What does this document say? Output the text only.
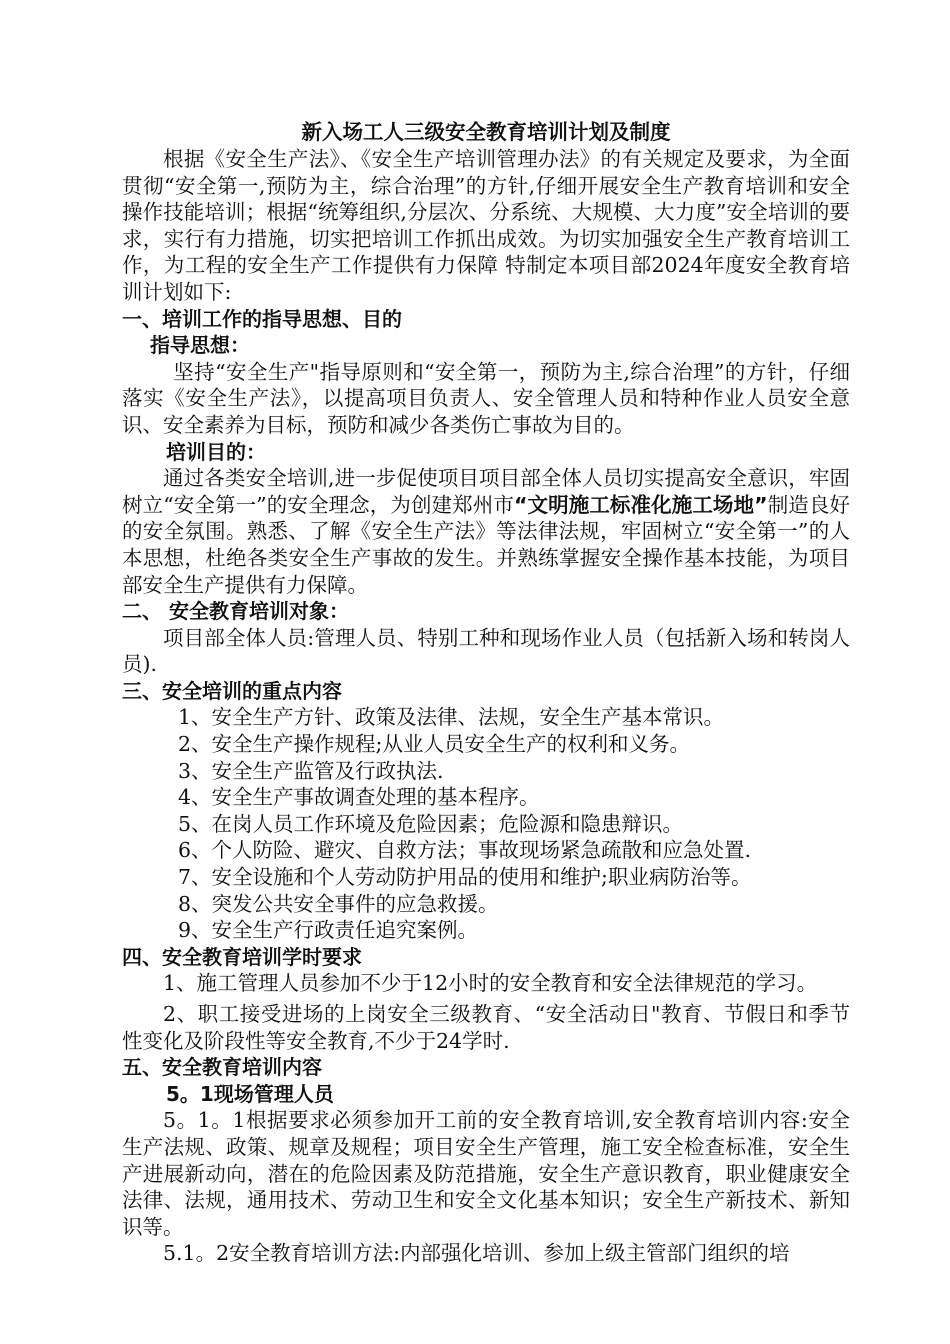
新入场工人三级安全教育培训计划及制度

根据《安全生产法》、《安全生产培训管理办法》的有关规定及要求，为全面贯彻“安全第一,预防为主，综合治理”的方针,仔细开展安全生产教育培训和安全操作技能培训；根据“统筹组织,分层次、分系统、大规模、大力度”安全培训的要求，实行有力措施，切实把培训工作抓出成效。为切实加强安全生产教育培训工作，为工程的安全生产工作提供有力保障 特制定本项目部2024年度安全教育培训计划如下:

一、培训工作的指导思想、目的

指导思想：

坚持“安全生产"指导原则和“安全第一，预防为主,综合治理”的方针，仔细落实《安全生产法》，以提高项目负责人、安全管理人员和特种作业人员安全意识、安全素养为目标，预防和减少各类伤亡事故为目的。

培训目的：

通过各类安全培训,进一步促使项目项目部全体人员切实提高安全意识，牢固树立“安全第一”的安全理念，为创建郑州市“文明施工标准化施工场地”制造良好的安全氛围。熟悉、了解《安全生产法》等法律法规，牢固树立“安全第一”的人本思想，杜绝各类安全生产事故的发生。并熟练掌握安全操作基本技能，为项目部安全生产提供有力保障。

二、 安全教育培训对象：

项目部全体人员:管理人员、特别工种和现场作业人员（包括新入场和转岗人员).

三、安全培训的重点内容

1、安全生产方针、政策及法律、法规，安全生产基本常识。

2、安全生产操作规程;从业人员安全生产的权利和义务。

3、安全生产监管及行政执法.

4、安全生产事故调查处理的基本程序。

5、在岗人员工作环境及危险因素；危险源和隐患辩识。

6、个人防险、避灾、自救方法；事故现场紧急疏散和应急处置.

7、安全设施和个人劳动防护用品的使用和维护;职业病防治等。

8、突发公共安全事件的应急救援。

9、安全生产行政责任追究案例。

四、安全教育培训学时要求

1、施工管理人员参加不少于12小时的安全教育和安全法律规范的学习。

2、职工接受进场的上岗安全三级教育、“安全活动日"教育、节假日和季节性变化及阶段性等安全教育,不少于24学时.

五、安全教育培训内容

5。1现场管理人员

5。1。1根据要求必须参加开工前的安全教育培训,安全教育培训内容:安全生产法规、政策、规章及规程；项目安全生产管理，施工安全检查标准，安全生产进展新动向，潜在的危险因素及防范措施，安全生产意识教育，职业健康安全法律、法规，通用技术、劳动卫生和安全文化基本知识；安全生产新技术、新知识等。

5.1。2安全教育培训方法:内部强化培训、参加上级主管部门组织的培
